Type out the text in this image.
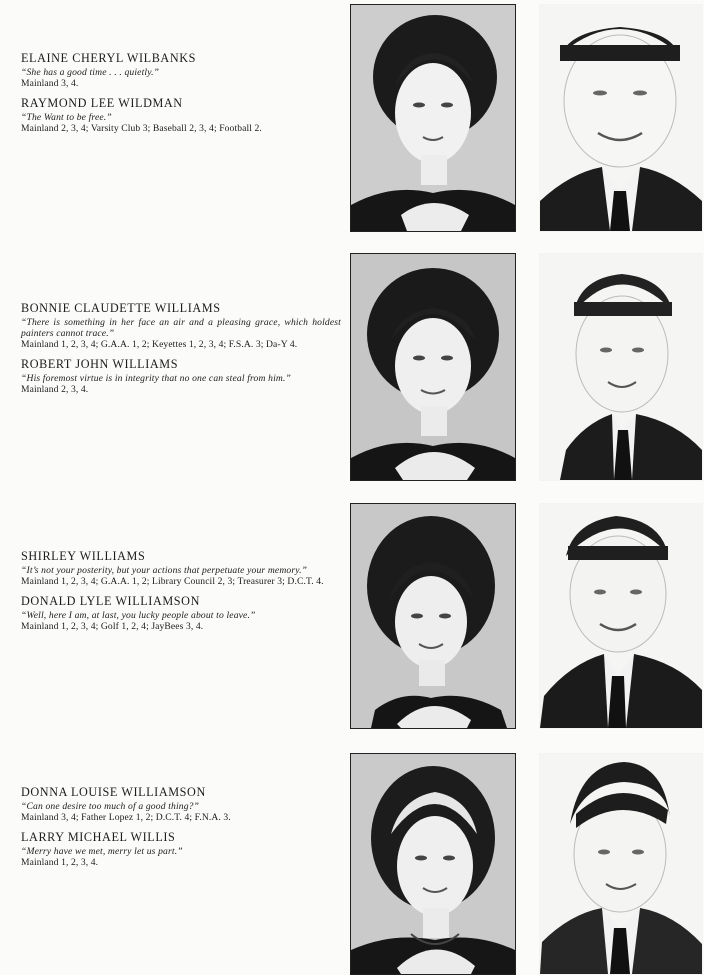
ELAINE CHERYL WILBANKS
“She has a good time . . . quietly.”
Mainland 3, 4.
RAYMOND LEE WILDMAN
“The Want to be free.”
Mainland 2, 3, 4; Varsity Club 3; Baseball 2, 3, 4; Football 2.
BONNIE CLAUDETTE WILLIAMS
“There is something in her face an air and a pleasing grace, which holdest painters cannot trace.”
Mainland 1, 2, 3, 4; G.A.A. 1, 2; Keyettes 1, 2, 3, 4; F.S.A. 3; Da-Y 4.
ROBERT JOHN WILLIAMS
“His foremost virtue is in integrity that no one can steal from him.”
Mainland 2, 3, 4.
SHIRLEY WILLIAMS
“It’s not your posterity, but your actions that perpetuate your memory.”
Mainland 1, 2, 3, 4; G.A.A. 1, 2; Library Council 2, 3; Treasurer 3; D.C.T. 4.
DONALD LYLE WILLIAMSON
“Well, here I am, at last, you lucky people about to leave.”
Mainland 1, 2, 3, 4; Golf 1, 2, 4; JayBees 3, 4.
DONNA LOUISE WILLIAMSON
“Can one desire too much of a good thing?”
Mainland 3, 4; Father Lopez 1, 2; D.C.T. 4; F.N.A. 3.
LARRY MICHAEL WILLIS
“Merry have we met, merry let us part.”
Mainland 1, 2, 3, 4.
